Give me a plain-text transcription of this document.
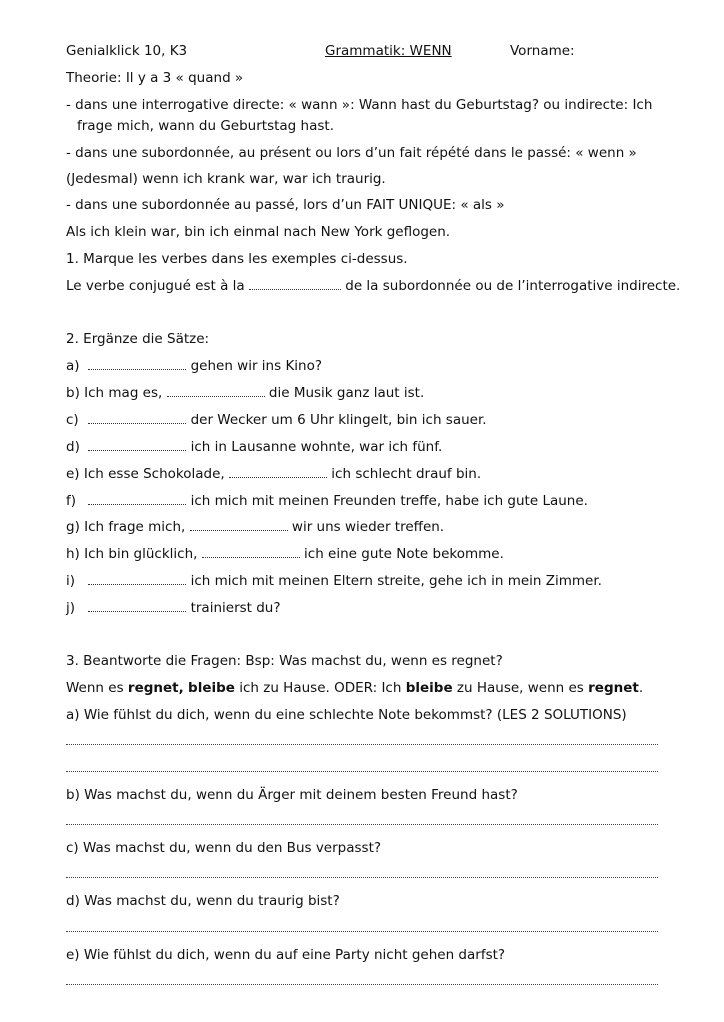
Genialklick 10, K3	Grammatik: WENN	Vorname:
Theorie: Il y a 3 « quand »
- dans une interrogative directe: « wann »: Wann hast du Geburtstag? ou indirecte: Ich
frage mich, wann du Geburtstag hast.
- dans une subordonnée, au présent ou lors d’un fait répété dans le passé: « wenn »
(Jedesmal) wenn ich krank war, war ich traurig.
- dans une subordonnée au passé, lors d’un FAIT UNIQUE: « als »
Als ich klein war, bin ich einmal nach New York geflogen.
1. Marque les verbes dans les exemples ci-dessus.
Le verbe conjugué est à la	de la subordonnée ou de l’interrogative indirecte.
2. Ergänze die Sätze:
a)	gehen wir ins Kino?
b) Ich mag es,	die Musik ganz laut ist.
c)	der Wecker um 6 Uhr klingelt, bin ich sauer.
d)	ich in Lausanne wohnte, war ich fünf.
e) Ich esse Schokolade,	ich schlecht drauf bin.
f)	ich mich mit meinen Freunden treffe, habe ich gute Laune.
g) Ich frage mich,	wir uns wieder treffen.
h) Ich bin glücklich,	ich eine gute Note bekomme.
i)	ich mich mit meinen Eltern streite, gehe ich in mein Zimmer.
j)	trainierst du?
3. Beantworte die Fragen: Bsp: Was machst du, wenn es regnet?
Wenn es regnet, bleibe ich zu Hause. ODER: Ich bleibe zu Hause, wenn es regnet.
a) Wie fühlst du dich, wenn du eine schlechte Note bekommst? (LES 2 SOLUTIONS)
b) Was machst du, wenn du Ärger mit deinem besten Freund hast?
c) Was machst du, wenn du den Bus verpasst?
d) Was machst du, wenn du traurig bist?
e) Wie fühlst du dich, wenn du auf eine Party nicht gehen darfst?
